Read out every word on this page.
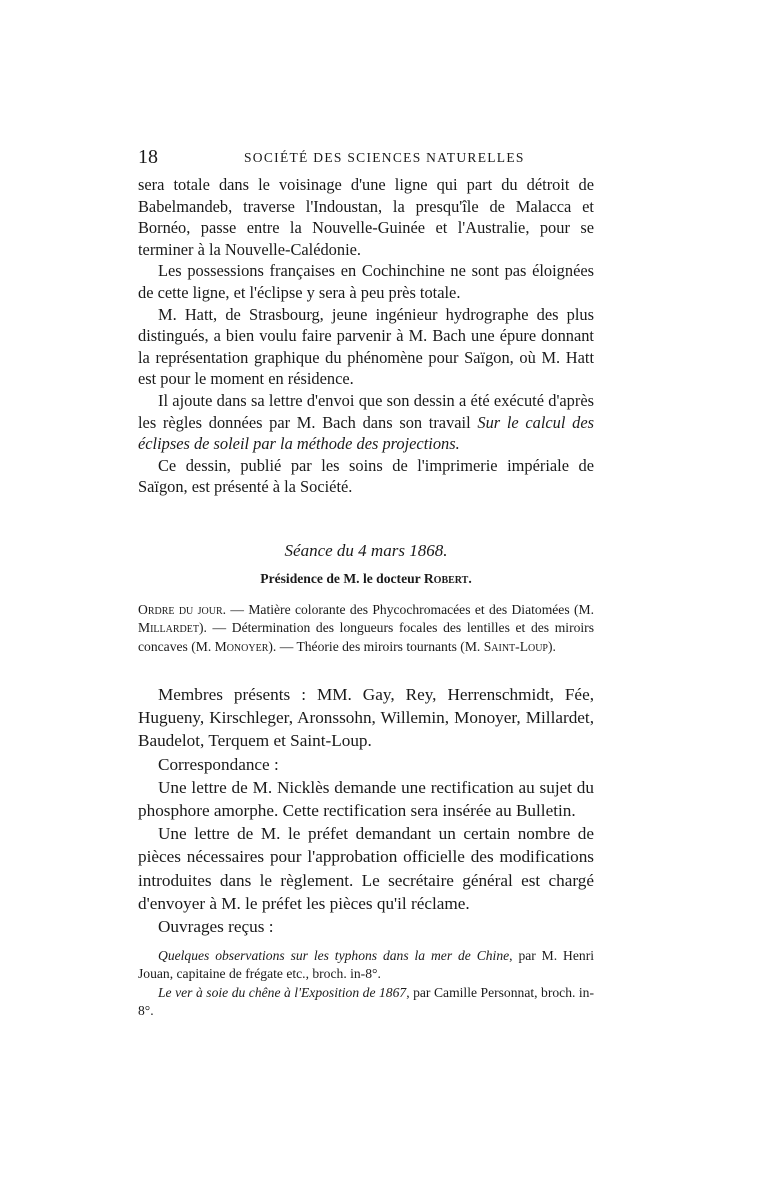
18	SOCIÉTÉ DES SCIENCES NATURELLES

sera totale dans le voisinage d'une ligne qui part du détroit de Babelmandeb, traverse l'Indoustan, la presqu'île de Malacca et Bornéo, passe entre la Nouvelle-Guinée et l'Australie, pour se terminer à la Nouvelle-Calédonie.

Les possessions françaises en Cochinchine ne sont pas éloignées de cette ligne, et l'éclipse y sera à peu près totale.

M. Hatt, de Strasbourg, jeune ingénieur hydrographe des plus distingués, a bien voulu faire parvenir à M. Bach une épure donnant la représentation graphique du phénomène pour Saïgon, où M. Hatt est pour le moment en résidence.

Il ajoute dans sa lettre d'envoi que son dessin a été exécuté d'après les règles données par M. Bach dans son travail Sur le calcul des éclipses de soleil par la méthode des projections.

Ce dessin, publié par les soins de l'imprimerie impériale de Saïgon, est présenté à la Société.

Séance du 4 mars 1868.
Présidence de M. le docteur Robert.

Ordre du jour. — Matière colorante des Phycochromacées et des Diatomées (M. Millardet). — Détermination des longueurs focales des lentilles et des miroirs concaves (M. Monoyer). — Théorie des miroirs tournants (M. Saint-Loup).

Membres présents : MM. Gay, Rey, Herrenschmidt, Fée, Hugueny, Kirschleger, Aronssohn, Willemin, Monoyer, Millardet, Baudelot, Terquem et Saint-Loup.

Correspondance :

Une lettre de M. Nicklès demande une rectification au sujet du phosphore amorphe. Cette rectification sera insérée au Bulletin.

Une lettre de M. le préfet demandant un certain nombre de pièces nécessaires pour l'approbation officielle des modifications introduites dans le règlement. Le secrétaire général est chargé d'envoyer à M. le préfet les pièces qu'il réclame.

Ouvrages reçus :

Quelques observations sur les typhons dans la mer de Chine, par M. Henri Jouan, capitaine de frégate etc., broch. in-8°.

Le ver à soie du chêne à l'Exposition de 1867, par Camille Personnat, broch. in-8°.
